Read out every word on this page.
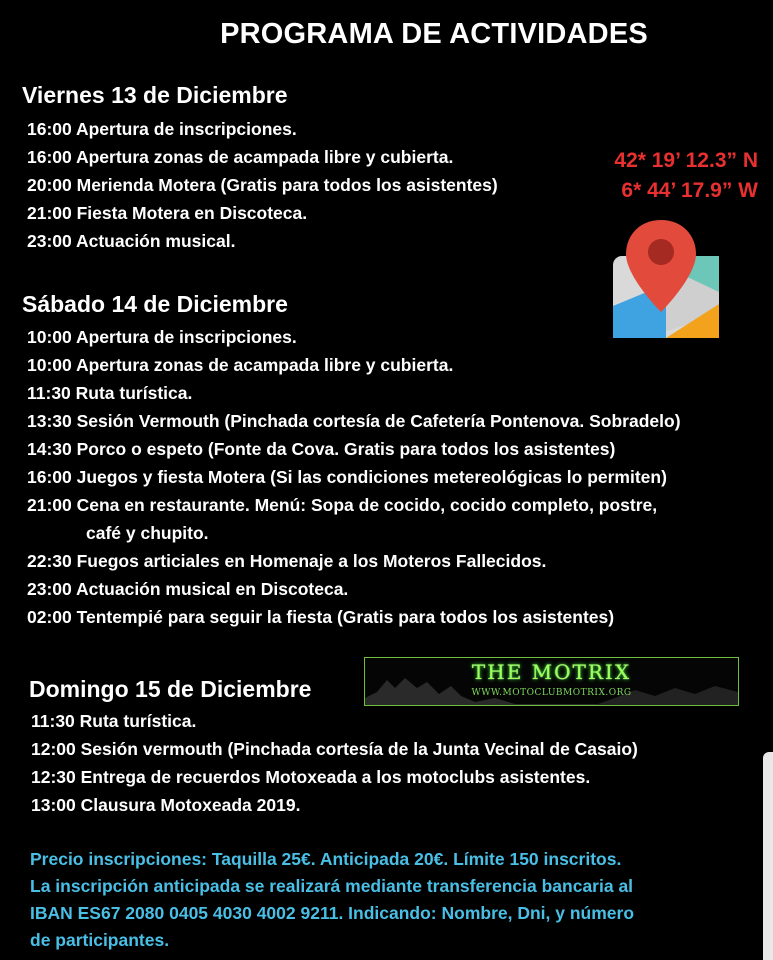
PROGRAMA DE ACTIVIDADES
Viernes 13 de Diciembre
16:00 Apertura de inscripciones.
16:00 Apertura zonas de acampada libre y cubierta.
20:00 Merienda Motera (Gratis para todos los asistentes)
21:00 Fiesta Motera en Discoteca.
23:00 Actuación musical.
42* 19’ 12.3” N
6* 44’ 17.9” W
Sábado 14 de Diciembre
10:00 Apertura de inscripciones.
10:00 Apertura zonas de acampada libre y cubierta.
11:30 Ruta turística.
13:30 Sesión Vermouth (Pinchada cortesía de Cafetería Pontenova. Sobradelo)
14:30 Porco o espeto (Fonte da Cova. Gratis para todos los asistentes)
16:00 Juegos y fiesta Motera (Si las condiciones metereológicas lo permiten)
21:00 Cena en restaurante. Menú: Sopa de cocido, cocido completo, postre,
café y chupito.
22:30 Fuegos articiales en Homenaje a los Moteros Fallecidos.
23:00 Actuación musical en Discoteca.
02:00 Tentempié para seguir la fiesta (Gratis para todos los asistentes)
THE MOTRIX
WWW.MOTOCLUBMOTRIX.ORG
Domingo 15 de Diciembre
11:30 Ruta turística.
12:00 Sesión vermouth (Pinchada cortesía de la Junta Vecinal de Casaio)
12:30 Entrega de recuerdos Motoxeada a los motoclubs asistentes.
13:00 Clausura Motoxeada 2019.

Precio inscripciones: Taquilla 25€. Anticipada 20€. Límite 150 inscritos.

La inscripción anticipada se realizará mediante transferencia bancaria al

IBAN ES67 2080 0405 4030 4002 9211. Indicando: Nombre, Dni, y número

de participantes.
